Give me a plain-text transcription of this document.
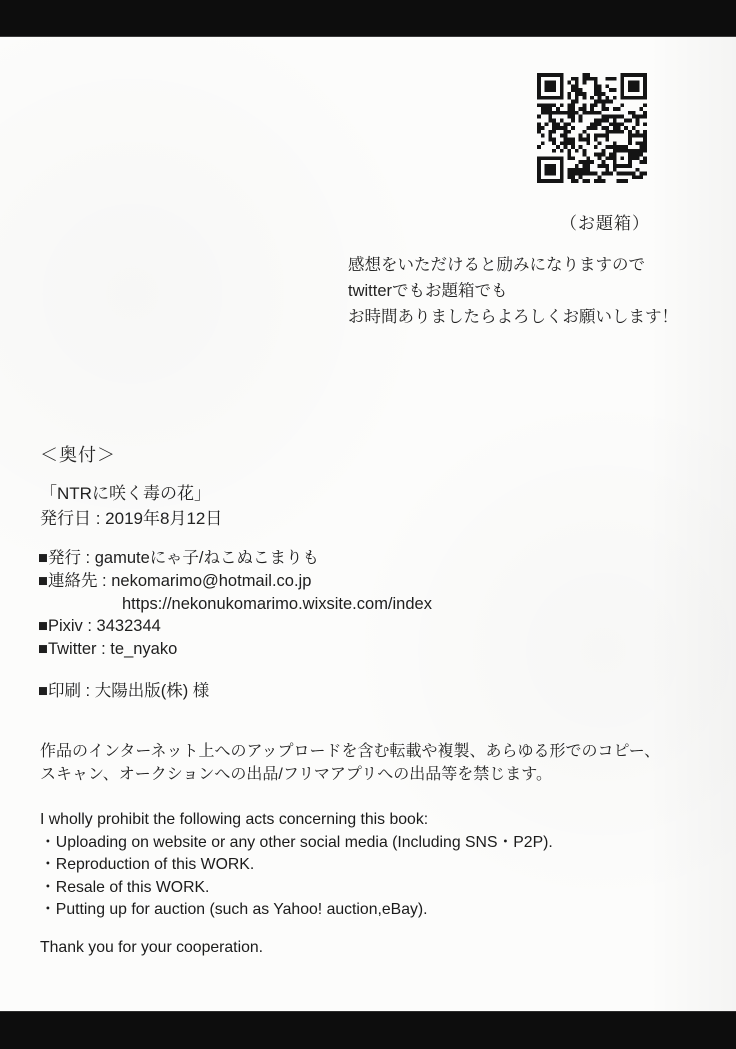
（お題箱）
感想をいただけると励みになりますので
twitterでもお題箱でも
お時間ありましたらよろしくお願いします！
＜奥付＞
「NTRに咲く毒の花」
発行日 : 2019年8月12日
■発行 : gamuteにゃ子/ねこぬこまりも
■連絡先 : nekomarimo@hotmail.co.jp
https://nekonukomarimo.wixsite.com/index
■Pixiv : 3432344
■Twitter : te_nyako
■印刷 : 大陽出版(株) 様
作品のインターネット上へのアップロードを含む転載や複製、あらゆる形でのコピー、
スキャン、オークションへの出品/フリマアプリへの出品等を禁じます。
I wholly prohibit the following acts concerning this book:
・Uploading on website or any other social media (Including SNS・P2P).
・Reproduction of this WORK.
・Resale of this WORK.
・Putting up for auction (such as Yahoo! auction,eBay).
Thank you for your cooperation.
